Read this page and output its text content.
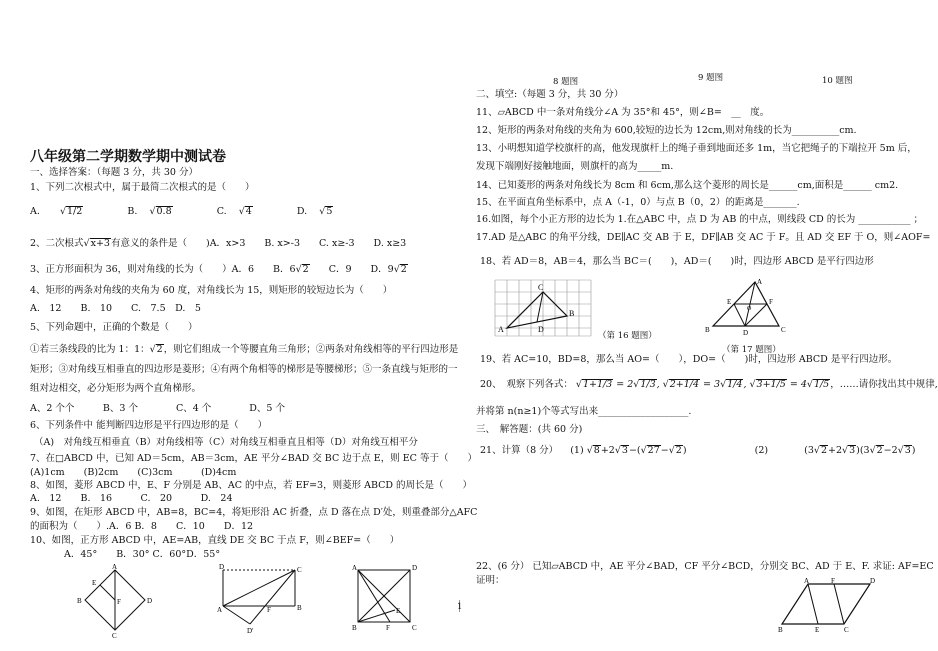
8 题图	9 题图	10 题图
八年级第二学期数学期中测试卷
一、选择答案：（每题 3 分，共 30 分）
1、下列二次根式中，属于最简二次根式的是（　　）
A. √1/2	B. √0.8	C. √4	D. √5
2、二次根式√x+3有意义的条件是（　　)A．x>3　　B. x>-3　　C. x≥-3　　D. x≥3
3、正方形面积为 36，则对角线的长为（　　）A．6　　B．6√2　　C．9　　D．9√2
4、矩形的两条对角线的夹角为 60 度，对角线长为 15，则矩形的较短边长为（　　）
A.　12　　B.　10　　C.　7.5　D.　5
5、下列命题中，正确的个数是（　　）
①若三条线段的比为 1：1：√2，则它们组成一个等腰直角三角形；②两条对角线相等的平行四边形是
矩形；③对角线互相垂直的四边形是菱形；④有两个角相等的梯形是等腰梯形；⑤一条直线与矩形的一
组对边相交，必分矩形为两个直角梯形。
A、2 个个　　　B、3 个　　　　C、4 个　　　　D、5 个
6、下列条件中 能判断四边形是平行四边形的是（　　）
（A)　对角线互相垂直（B）对角线相等（C）对角线互相垂直且相等（D）对角线互相平分
7、在□ABCD 中，已知 AD＝5cm，AB＝3cm，AE 平分∠BAD 交 BC 边于点 E，则 EC 等于（　　）
(A)1cm　　(B)2cm　　(C)3cm　　　(D)4cm
8、如图，菱形 ABCD 中，E、F 分别是 AB、AC 的中点，若 EF=3，则菱形 ABCD 的周长是（　　）
A.　12　　B.　16　　　C.　20　　　D.　24
9、如图，在矩形 ABCD 中，AB=8，BC=4，将矩形沿 AC 折叠，点 D 落在点 D′处，则重叠部分△AFC
的面积为（　　）.A．6 B．8　　C．10　　D．12
10、如图，正方形 ABCD 中，AE=AB，直线 DE 交 BC 于点 F，则∠BEF=（　　）
A．45°　　B．30° C．60°D．55°
A
B
C
D
E
F
D	C
A	B
F
D′
A	D
B	C
E
F
二、填空:（每题 3 分，共 30 分）
11、▱ABCD 中一条对角线分∠A 为 35°和 45°，则∠B=　__　度。
12、矩形的两条对角线的夹角为 600,较短的边长为 12cm,则对角线的长为__________cm.
13、小明想知道学校旗杆的高，他发现旗杆上的绳子垂到地面还多 1m，当它把绳子的下端拉开 5m 后，
发现下端刚好接触地面，则旗杆的高为_____m.
14、已知菱形的两条对角线长为 8cm 和 6cm,那么这个菱形的周长是______cm,面积是______ cm2.
15、在平面直角坐标系中，点 A（-1，0）与点 B（0，2）的距离是_______.
16.如图，每个小正方形的边长为 1.在△ABC 中，点 D 为 AB 的中点，则线段 CD 的长为 ___________ ；
17.AD 是△ABC 的角平分线，DE∥AC 交 AB 于 E，DF∥AB 交 AC 于 F。且 AD 交 EF 于 O，则∠AOF=
18、若 AD＝8，AB＝4，那么当 BC＝(　　)，AD＝(　　)时，四边形 ABCD 是平行四边形
A
C
B
D
（第 16 题图）
A
B	C
D
E	F
O
（第 17 题图）
19、若 AC=10，BD=8，那么当 AO=（　　），DO=（　　)时，四边形 ABCD 是平行四边形。
20、　观察下列各式： √1+1/3 = 2√1/3, √2+1/4 = 3√1/4, √3+1/5 = 4√1/5，……请你找出其中规律,
并将第 n(n≥1)个等式写出来___________________.
三、　解答题：(共 60 分)
21、计算（8 分） (1) √8+2√3−(√27−√2)	(2)	(3√2+2√3)(3√2−2√3)
22、(6 分） 已知▱ABCD 中，AE 平分∠BAD，CF 平分∠BCD，分别交 BC、AD 于 E、F. 求证: AF=EC
证明：	A	F	D
B	E	C
1
